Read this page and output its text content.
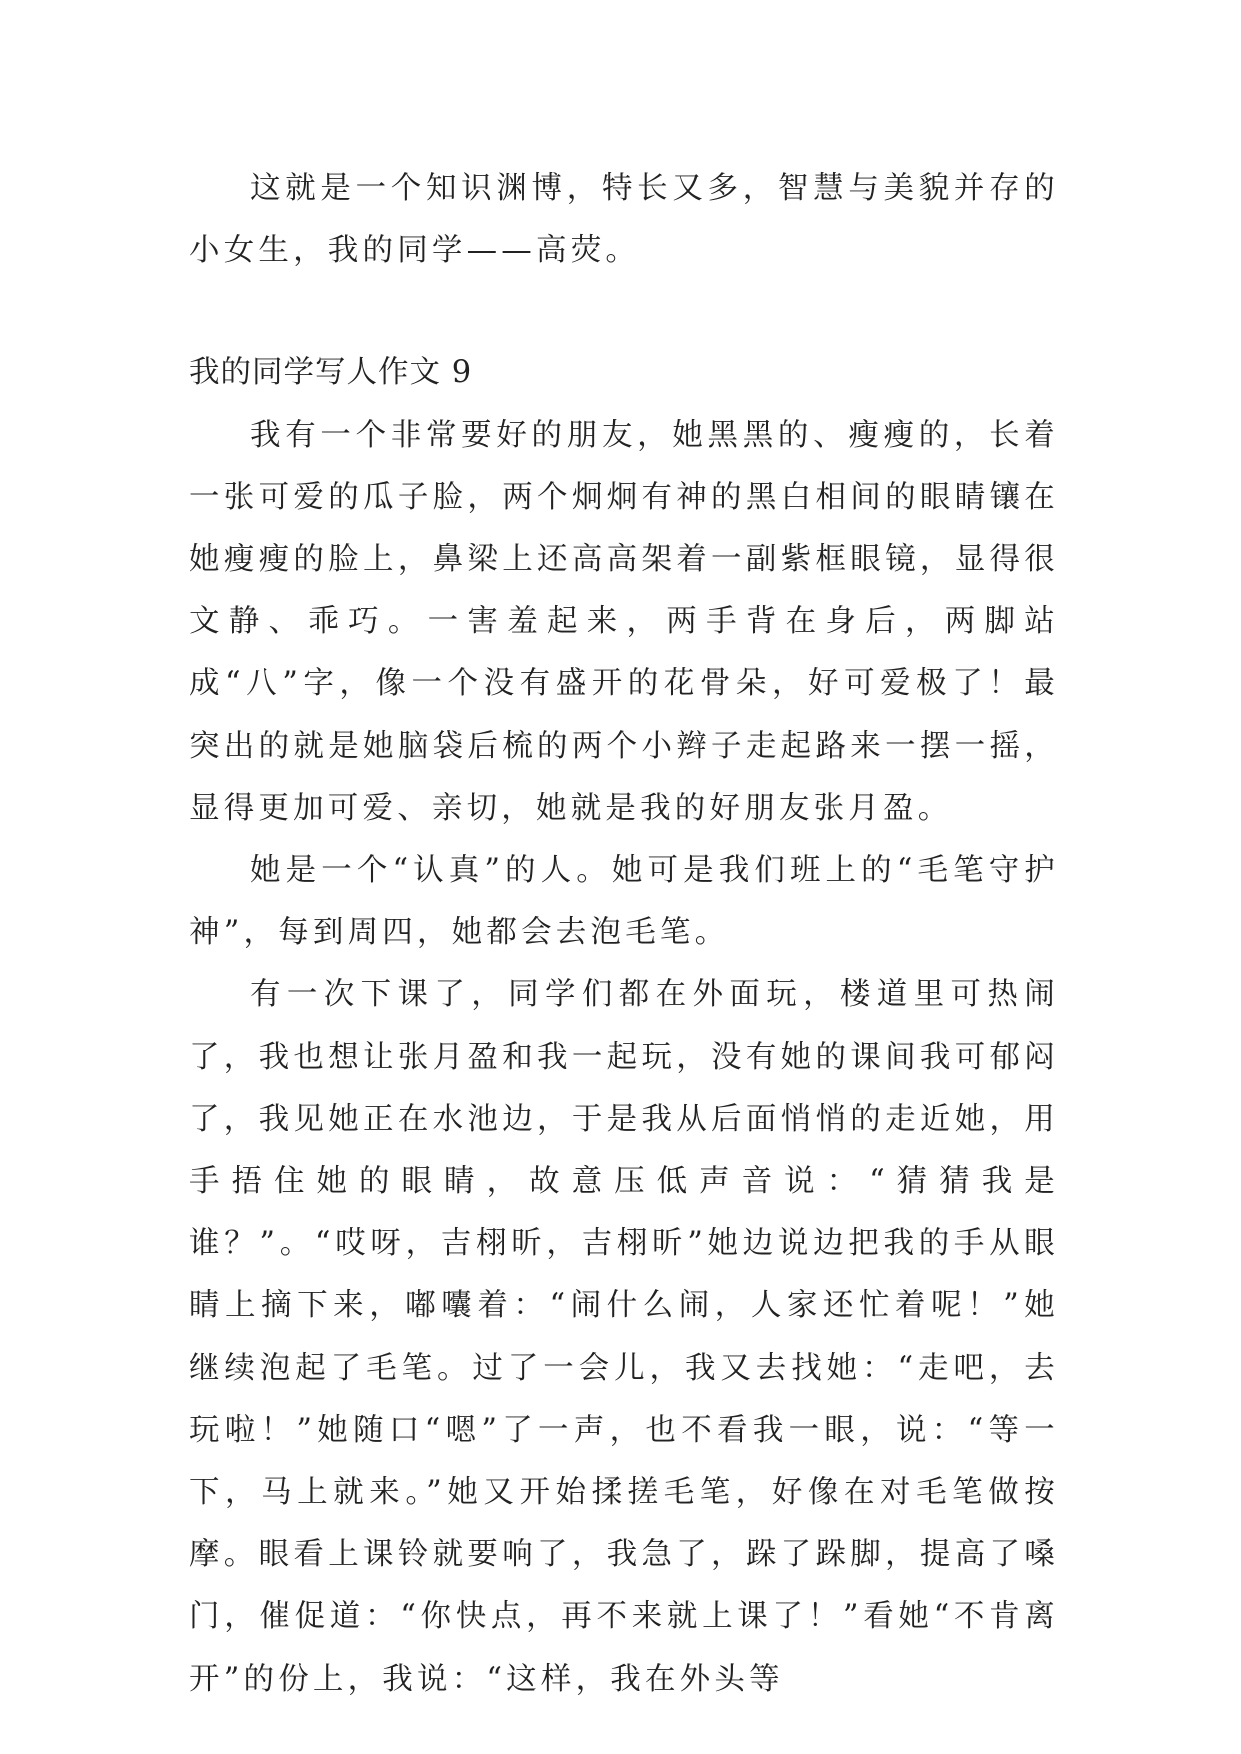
这就是一个知识渊博，特长又多，智慧与美貌并存的小女生，我的同学——高荧。

我的同学写人作文 9

我有一个非常要好的朋友，她黑黑的、瘦瘦的，长着一张可爱的瓜子脸，两个炯炯有神的黑白相间的眼睛镶在她瘦瘦的脸上，鼻梁上还高高架着一副紫框眼镜，显得很文静、乖巧。一害羞起来，两手背在身后，两脚站成“八”字，像一个没有盛开的花骨朵，好可爱极了！最突出的就是她脑袋后梳的两个小辫子走起路来一摆一摇，显得更加可爱、亲切，她就是我的好朋友张月盈。

她是一个“认真”的人。她可是我们班上的“毛笔守护神”，每到周四，她都会去泡毛笔。

有一次下课了，同学们都在外面玩，楼道里可热闹了，我也想让张月盈和我一起玩，没有她的课间我可郁闷了，我见她正在水池边，于是我从后面悄悄的走近她，用手捂住她的眼睛，故意压低声音说：“猜猜我是谁？”。“哎呀，吉栩昕，吉栩昕”她边说边把我的手从眼睛上摘下来，嘟囔着：“闹什么闹，人家还忙着呢！”她继续泡起了毛笔。过了一会儿，我又去找她：“走吧，去玩啦！”她随口“嗯”了一声，也不看我一眼，说：“等一下，马上就来。”她又开始揉搓毛笔，好像在对毛笔做按摩。眼看上课铃就要响了，我急了，跺了跺脚，提高了嗓门，催促道：“你快点，再不来就上课了！”看她“不肯离开”的份上，我说：“这样，我在外头等
